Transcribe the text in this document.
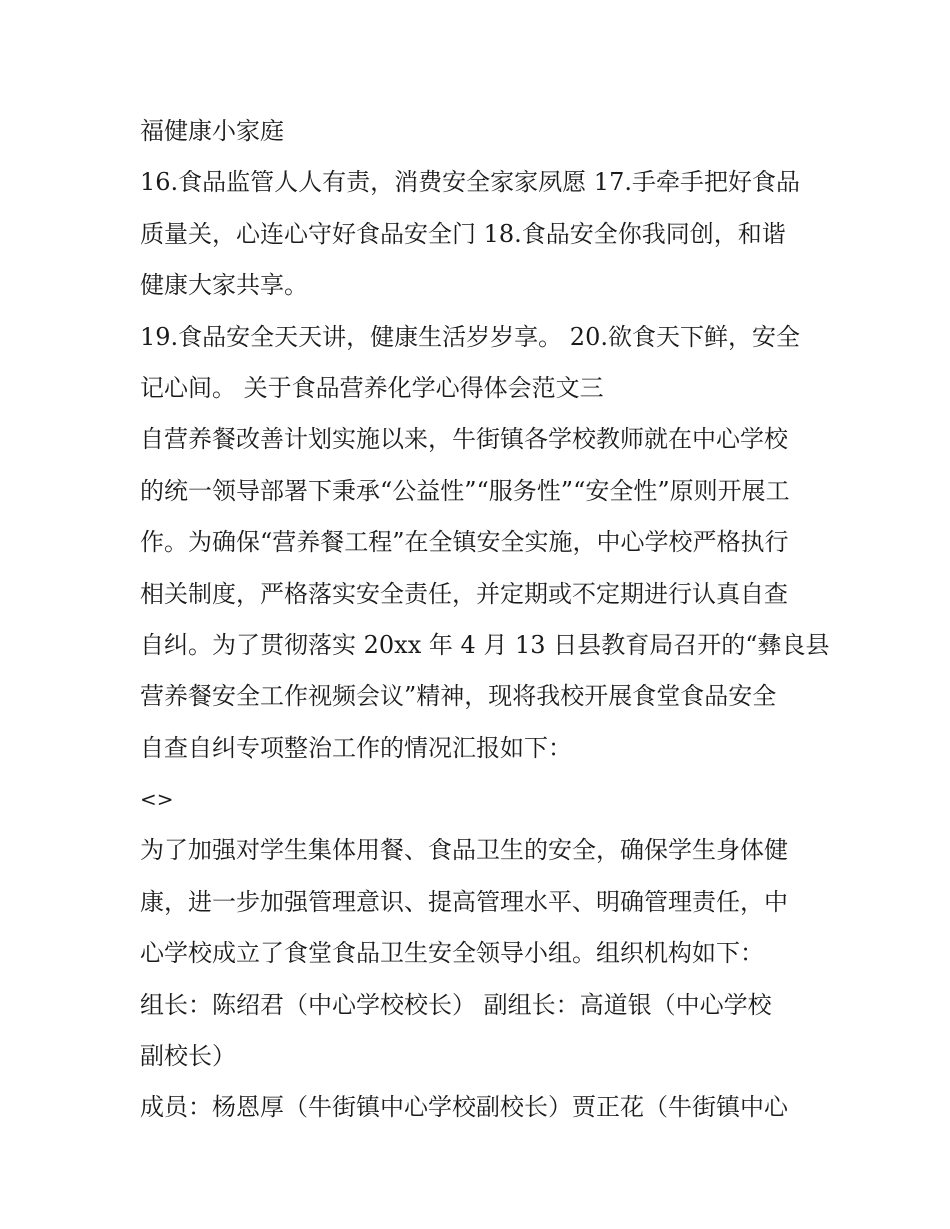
福健康小家庭
16.食品监管人人有责，消费安全家家夙愿 17.手牵手把好食品
质量关，心连心守好食品安全门 18.食品安全你我同创，和谐
健康大家共享。
19.食品安全天天讲，健康生活岁岁享。 20.欲食天下鲜，安全
记心间。 关于食品营养化学心得体会范文三
自营养餐改善计划实施以来，牛街镇各学校教师就在中心学校
的统一领导部署下秉承“公益性”“服务性”“安全性”原则开展工
作。为确保“营养餐工程”在全镇安全实施，中心学校严格执行
相关制度，严格落实安全责任，并定期或不定期进行认真自查
自纠。为了贯彻落实 20xx 年 4 月 13 日县教育局召开的“彝良县
营养餐安全工作视频会议”精神，现将我校开展食堂食品安全
自查自纠专项整治工作的情况汇报如下：
<>
为了加强对学生集体用餐、食品卫生的安全，确保学生身体健
康，进一步加强管理意识、提高管理水平、明确管理责任，中
心学校成立了食堂食品卫生安全领导小组。组织机构如下：
组长：陈绍君（中心学校校长） 副组长：高道银（中心学校
副校长）
成员：杨恩厚（牛街镇中心学校副校长）贾正花（牛街镇中心
